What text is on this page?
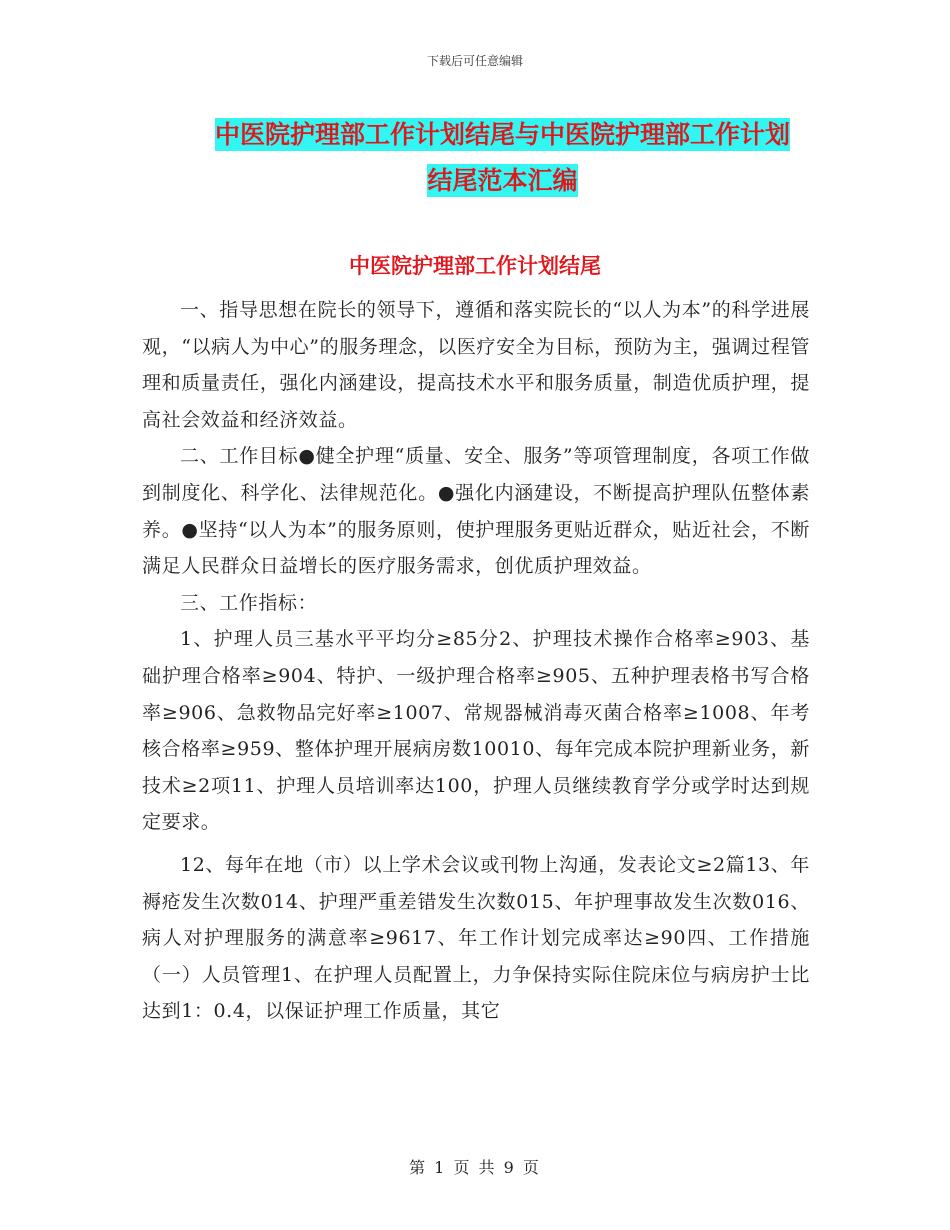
下载后可任意编辑
中医院护理部工作计划结尾与中医院护理部工作计划
结尾范本汇编
中医院护理部工作计划结尾

一、指导思想在院长的领导下，遵循和落实院长的“以人为本”的科学进展观，“以病人为中心”的服务理念，以医疗安全为目标，预防为主，强调过程管理和质量责任，强化内涵建设，提高技术水平和服务质量，制造优质护理，提高社会效益和经济效益。

二、工作目标●健全护理“质量、安全、服务”等项管理制度，各项工作做到制度化、科学化、法律规范化。●强化内涵建设，不断提高护理队伍整体素养。●坚持“以人为本”的服务原则，使护理服务更贴近群众，贴近社会，不断满足人民群众日益增长的医疗服务需求，创优质护理效益。

三、工作指标：

1、护理人员三基水平平均分≥85分2、护理技术操作合格率≥903、基础护理合格率≥904、特护、一级护理合格率≥905、五种护理表格书写合格率≥906、急救物品完好率≥1007、常规器械消毒灭菌合格率≥1008、年考核合格率≥959、整体护理开展病房数10010、每年完成本院护理新业务，新技术≥2项11、护理人员培训率达100，护理人员继续教育学分或学时达到规定要求。

12、每年在地（市）以上学术会议或刊物上沟通，发表论文≥2篇13、年褥疮发生次数014、护理严重差错发生次数015、年护理事故发生次数016、病人对护理服务的满意率≥9617、年工作计划完成率达≥90四、工作措施（一）人员管理1、在护理人员配置上，力争保持实际住院床位与病房护士比达到1：0.4，以保证护理工作质量，其它

第 1 页 共 9 页
